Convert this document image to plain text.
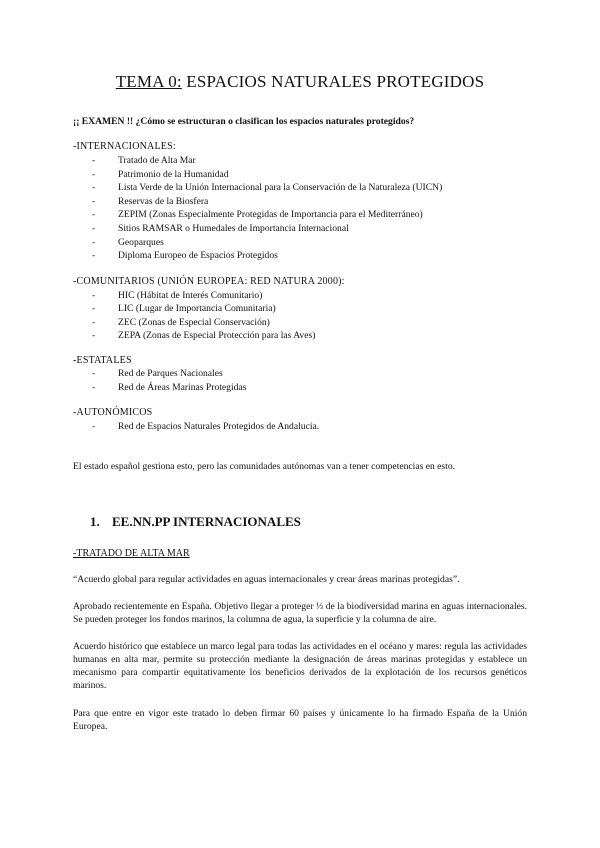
TEMA 0: ESPACIOS NATURALES PROTEGIDOS
¡¡ EXAMEN !! ¿Cómo se estructuran o clasifican los espacios naturales protegidos?
-INTERNACIONALES:
- Tratado de Alta Mar
- Patrimonio de la Humanidad
- Lista Verde de la Unión Internacional para la Conservación de la Naturaleza (UICN)
- Reservas de la Biosfera
- ZEPIM (Zonas Especialmente Protegidas de Importancia para el Mediterráneo)
- Sitios RAMSAR o Humedales de Importancia Internacional
- Geoparques
- Diploma Europeo de Espacios Protegidos
-COMUNITARIOS (UNIÓN EUROPEA: RED NATURA 2000):
- HIC (Hábitat de Interés Comunitario)
- LIC (Lugar de Importancia Comunitaria)
- ZEC (Zonas de Especial Conservación)
- ZEPA (Zonas de Especial Protección para las Aves)
-ESTATALES
- Red de Parques Nacionales
- Red de Áreas Marinas Protegidas
-AUTONÓMICOS
- Red de Espacios Naturales Protegidos de Andalucía.
El estado español gestiona esto, pero las comunidades autónomas van a tener competencias en esto.
1. EE.NN.PP INTERNACIONALES
-TRATADO DE ALTA MAR
“Acuerdo global para regular actividades en aguas internacionales y crear áreas marinas protegidas”.
Aprobado recientemente en España. Objetivo llegar a proteger ⅓ de la biodiversidad marina en aguas internacionales. Se pueden proteger los fondos marinos, la columna de agua, la superficie y la columna de aire.
Acuerdo histórico que establece un marco legal para todas las actividades en el océano y mares: regula las actividades humanas en alta mar, permite su protección mediante la designación de áreas marinas protegidas y establece un mecanismo para compartir equitativamente los beneficios derivados de la explotación de los recursos genéticos marinos.
Para que entre en vigor este tratado lo deben firmar 60 países y únicamente lo ha firmado España de la Unión Europea.
